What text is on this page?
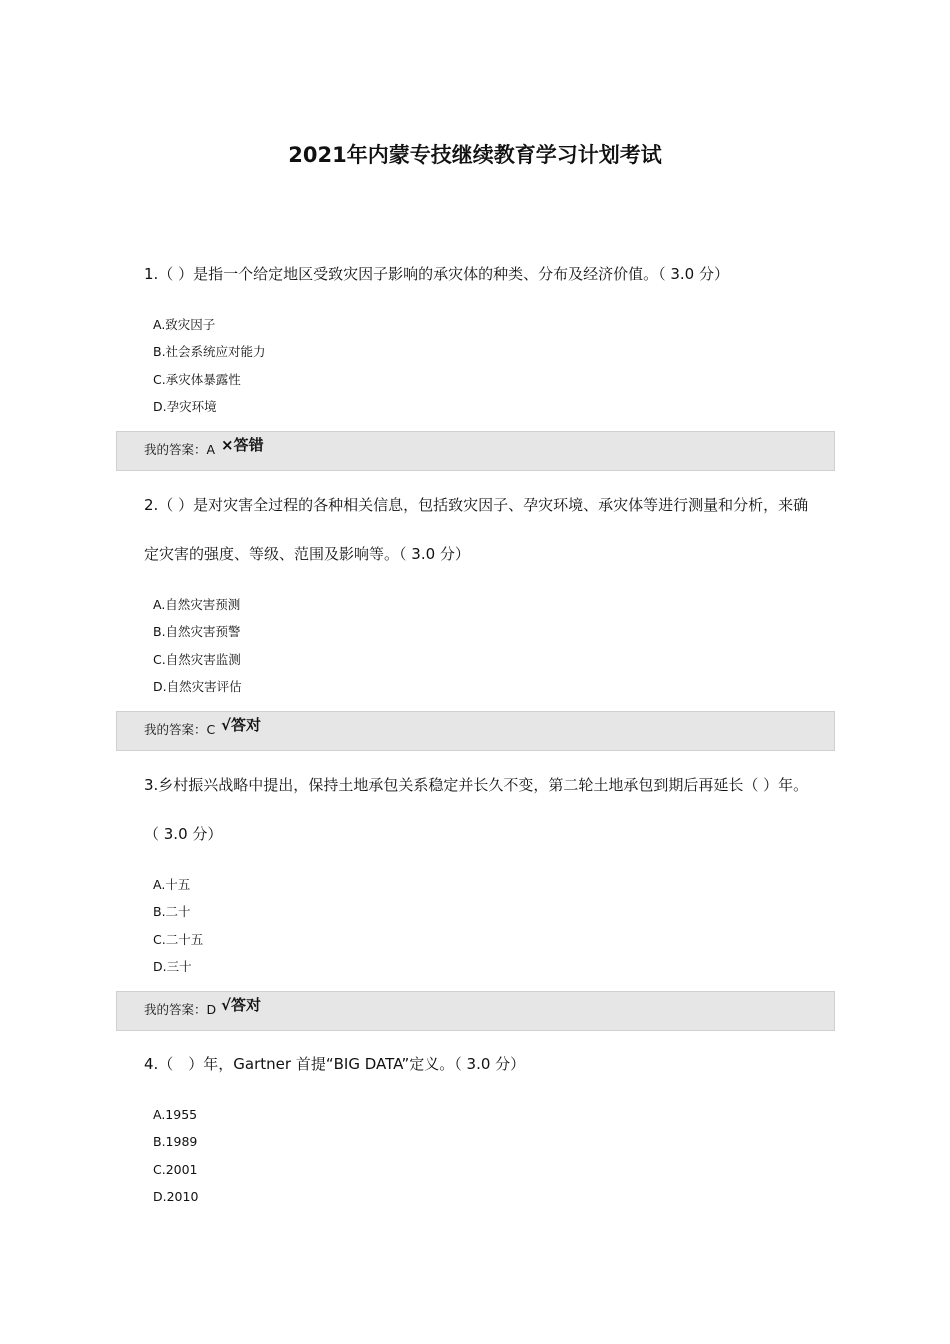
2021年内蒙专技继续教育学习计划考试

1.（ ）是指一个给定地区受致灾因子影响的承灾体的种类、分布及经济价值。（ 3.0 分）

A.致灾因子
B.社会系统应对能力
C.承灾体暴露性
D.孕灾环境
我的答案：A ×答错

2.（ ）是对灾害全过程的各种相关信息，包括致灾因子、孕灾环境、承灾体等进行测量和分析，来确定灾害的强度、等级、范围及影响等。（ 3.0 分）

A.自然灾害预测
B.自然灾害预警
C.自然灾害监测
D.自然灾害评估
我的答案：C √答对

3.乡村振兴战略中提出，保持土地承包关系稳定并长久不变，第二轮土地承包到期后再延长（ ）年。（ 3.0 分）

A.十五
B.二十
C.二十五
D.三十
我的答案：D √答对

4.（　）年，Gartner 首提“BIG DATA”定义。（ 3.0 分）

A.1955
B.1989
C.2001
D.2010
